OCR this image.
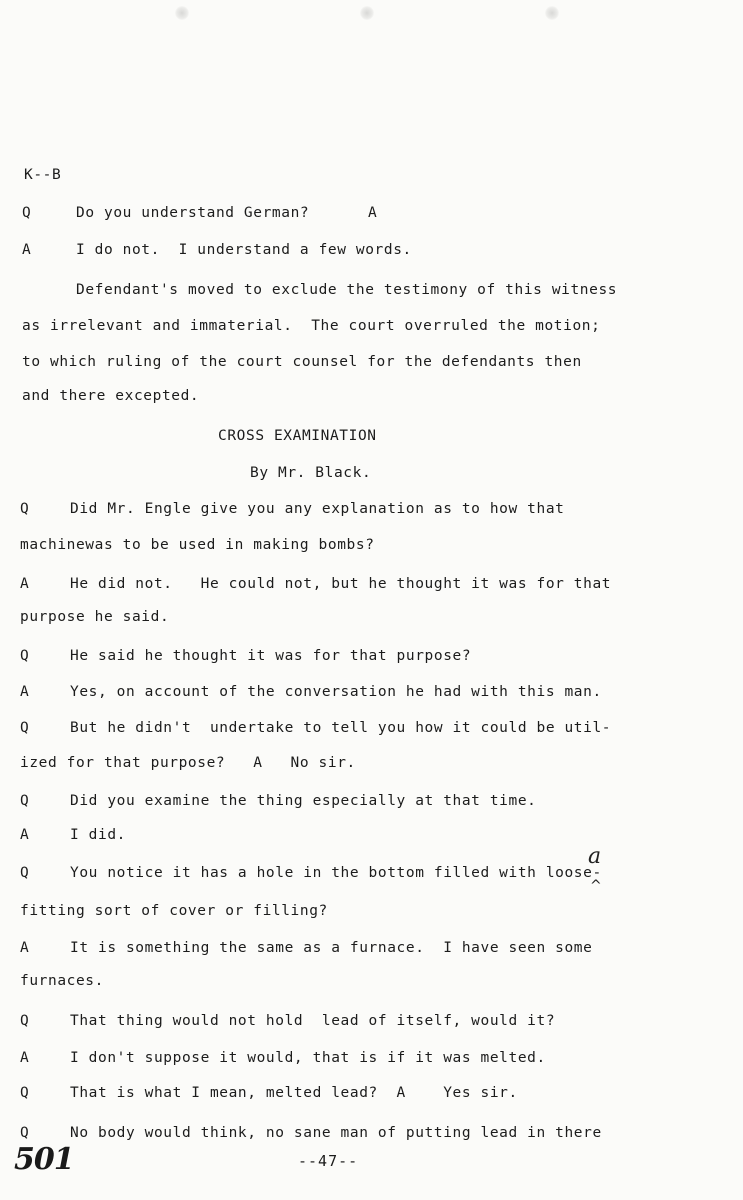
K--B
Q	Do you understand German?	A
A	I do not.  I understand a few words.
Defendant's moved to exclude the testimony of this witness
as irrelevant and immaterial.  The court overruled the motion;
to which ruling of the court counsel for the defendants then
and there excepted.
CROSS EXAMINATION
By Mr. Black.
Q	Did Mr. Engle give you any explanation as to how that
machinewas to be used in making bombs?
A	He did not.   He could not, but he thought it was for that
purpose he said.
Q	He said he thought it was for that purpose?
A	Yes, on account of the conversation he had with this man.
Q	But he didn't  undertake to tell you how it could be util-
ized for that purpose?   A   No sir.
Q	Did you examine the thing especially at that time.
A	I did.
Q	You notice it has a hole in the bottom filled with loose-
fitting sort of cover or filling?
A	It is something the same as a furnace.  I have seen some
furnaces.
Q	That thing would not hold  lead of itself, would it?
A	I don't suppose it would, that is if it was melted.
Q	That is what I mean, melted lead?  A    Yes sir.
Q	No body would think, no sane man of putting lead in there
a
^
--47--
501
